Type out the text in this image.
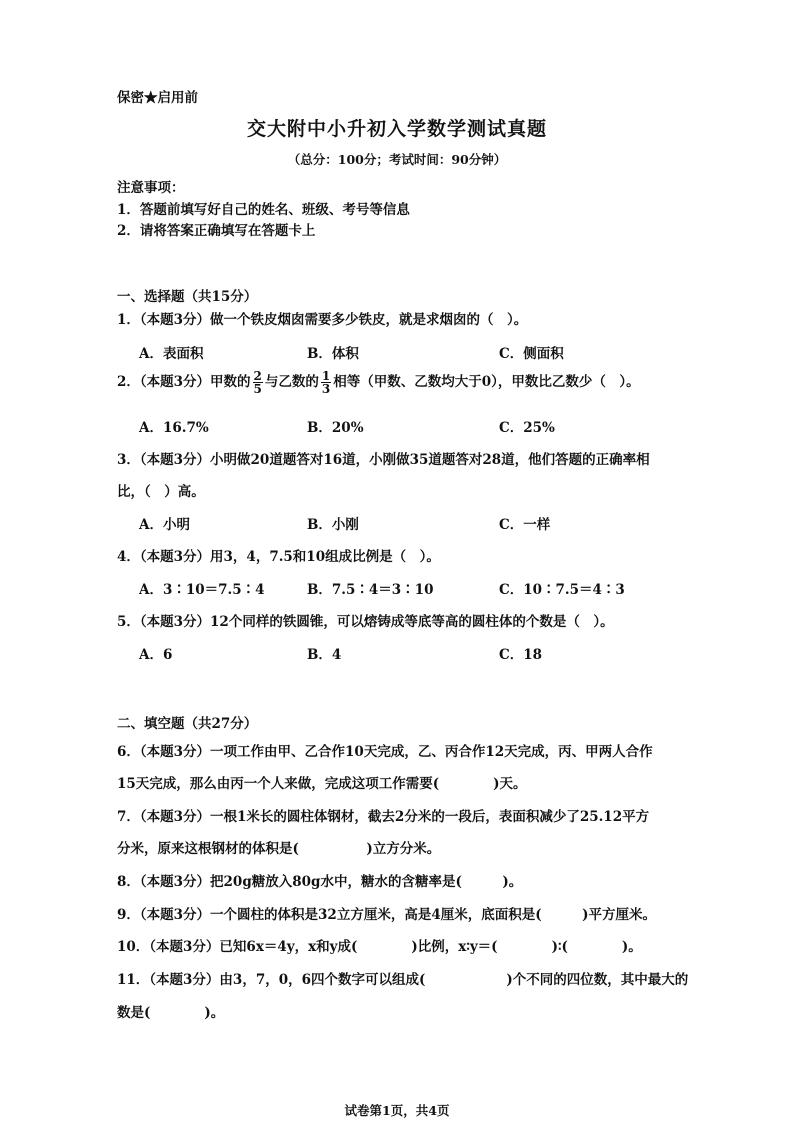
保密★启用前
交大附中小升初入学数学测试真题
（总分：100分；考试时间：90分钟）
注意事项：
1．答题前填写好自己的姓名、班级、考号等信息
2．请将答案正确填写在答题卡上
一、选择题（共15分）
1．（本题3分）做一个铁皮烟囱需要多少铁皮，就是求烟囱的（　）。
A．表面积	B．体积	C．侧面积
2．（本题3分）甲数的 $\frac{2}{5}$ 与乙数的 $\frac{1}{3}$ 相等（甲数、乙数均大于0），甲数比乙数少（　）。
A．16.7%	B．20%	C．25%
3．（本题3分）小明做20道题答对16道，小刚做35道题答对28道，他们答题的正确率相
比，（　）高。
A．小明	B．小刚	C．一样
4．（本题3分）用3，4，7.5和10组成比例是（　）。
A．3∶10＝7.5∶4	B．7.5∶4＝3∶10	C．10∶7.5＝4∶3
5．（本题3分）12个同样的铁圆锥，可以熔铸成等底等高的圆柱体的个数是（　）。
A．6	B．4	C．18
二、填空题（共27分）
6．（本题3分）一项工作由甲、乙合作10天完成，乙、丙合作12天完成，丙、甲两人合作
15天完成，那么由丙一个人来做，完成这项工作需要(　　　　)天。
7．（本题3分）一根1米长的圆柱体钢材，截去2分米的一段后，表面积减少了25.12平方
分米，原来这根钢材的体积是(　　　　　)立方分米。
8．（本题3分）把20g糖放入80g水中，糖水的含糖率是(　　　)。
9．（本题3分）一个圆柱的体积是32立方厘米，高是4厘米，底面积是(　　　)平方厘米。
10．（本题3分）已知6x＝4y，x和y成(　　　　)比例，x∶y＝(　　　　)∶(　　　　)。
11．（本题3分）由3，7，0，6四个数字可以组成(　　　　　　)个不同的四位数，其中最大的
数是(　　　　)。
试卷第1页，共4页
